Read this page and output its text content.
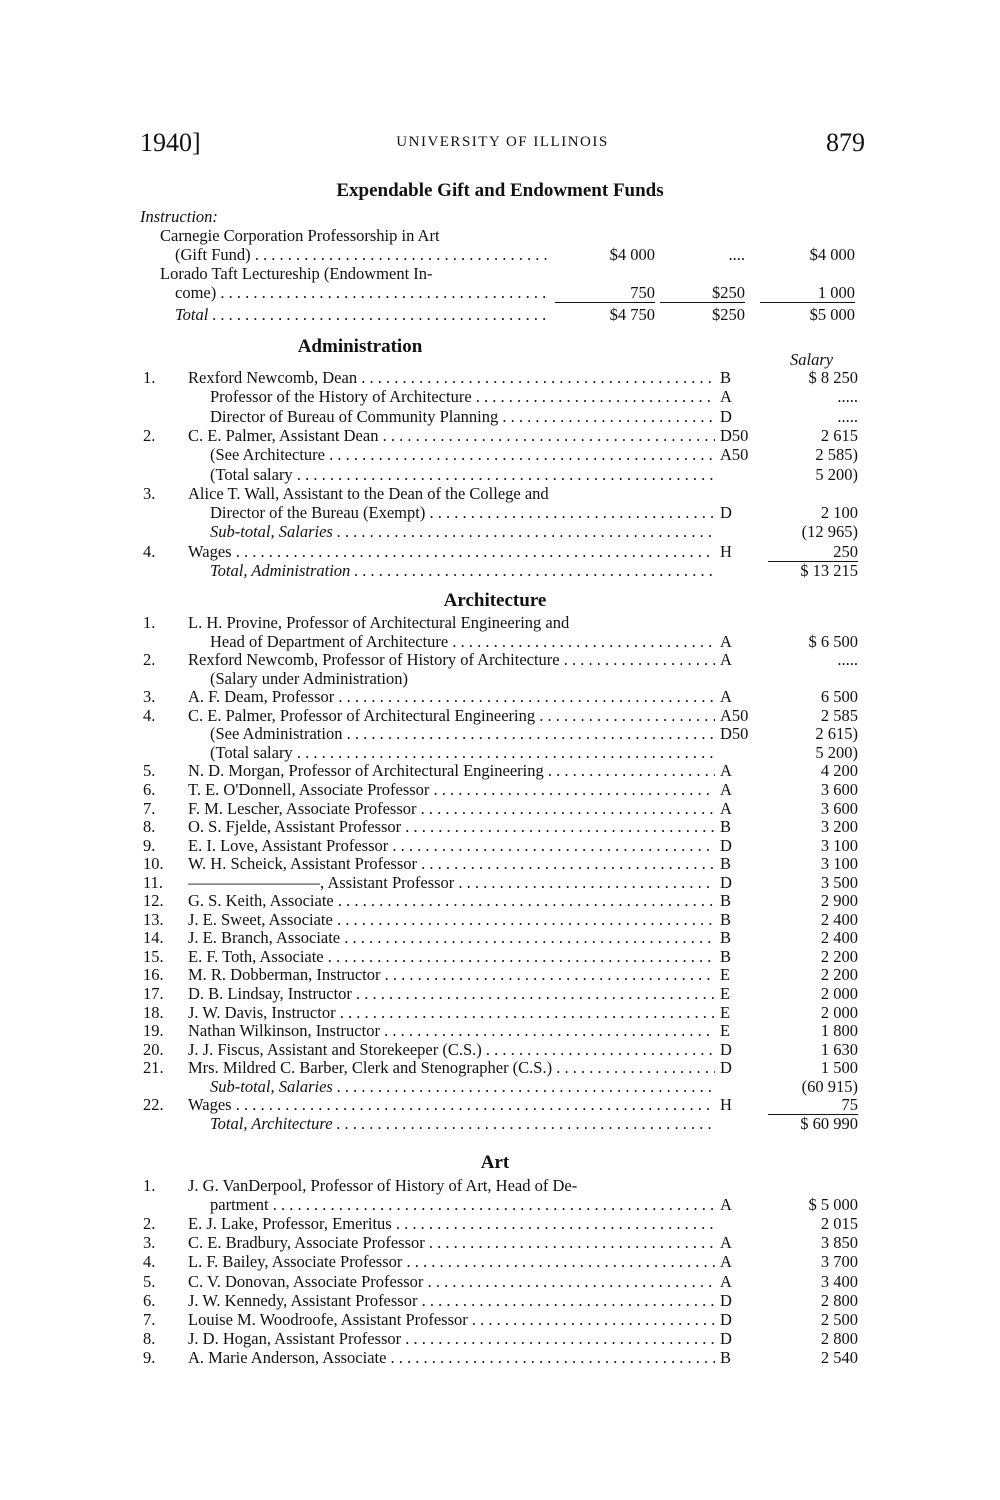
1940]	UNIVERSITY OF ILLINOIS	879
Expendable Gift and Endowment Funds
Instruction:
Carnegie Corporation Professorship in Art
(Gift Fund) . . .	$4 000	....	$4 000
Lorado Taft Lectureship (Endowment In-
come) . . .	750	$250	1 000
Total . . .	$4 750	$250	$5 000
Administration
Salary
1.	Rexford Newcomb, Dean . . .	B	$ 8 250
Professor of the History of Architecture . . .	A	.....
Director of Bureau of Community Planning . . .	D	.....
2.	C. E. Palmer, Assistant Dean . . .	D50	2 615
(See Architecture . . .	A50	2 585)
(Total salary . . .	5 200)
3.	Alice T. Wall, Assistant to the Dean of the College and
Director of the Bureau (Exempt) . . .	D	2 100
Sub-total, Salaries . . .	(12 965)
4.	Wages . . .	H	250
Total, Administration . . .	$ 13 215
Architecture
1.	L. H. Provine, Professor of Architectural Engineering and
Head of Department of Architecture . . .	A	$ 6 500
2.	Rexford Newcomb, Professor of History of Architecture . . .	A	.....
(Salary under Administration)
3.	A. F. Deam, Professor . . .	A	6 500
4.	C. E. Palmer, Professor of Architectural Engineering . . .	A50	2 585
(See Administration . . .	D50	2 615)
(Total salary . . .	5 200)
5.	N. D. Morgan, Professor of Architectural Engineering . . .	A	4 200
6.	T. E. O'Donnell, Associate Professor . . .	A	3 600
7.	F. M. Lescher, Associate Professor . . .	A	3 600
8.	O. S. Fjelde, Assistant Professor . . .	B	3 200
9.	E. I. Love, Assistant Professor . . .	D	3 100
10.	W. H. Scheick, Assistant Professor . . .	B	3 100
11.	————————, Assistant Professor . . .	D	3 500
12.	G. S. Keith, Associate . . .	B	2 900
13.	J. E. Sweet, Associate . . .	B	2 400
14.	J. E. Branch, Associate . . .	B	2 400
15.	E. F. Toth, Associate . . .	B	2 200
16.	M. R. Dobberman, Instructor . . .	E	2 200
17.	D. B. Lindsay, Instructor . . .	E	2 000
18.	J. W. Davis, Instructor . . .	E	2 000
19.	Nathan Wilkinson, Instructor . . .	E	1 800
20.	J. J. Fiscus, Assistant and Storekeeper (C.S.) . . .	D	1 630
21.	Mrs. Mildred C. Barber, Clerk and Stenographer (C.S.) . . .	D	1 500
Sub-total, Salaries . . .	(60 915)
22.	Wages . . .	H	75
Total, Architecture . . .	$ 60 990
Art
1.	J. G. VanDerpool, Professor of History of Art, Head of De-
partment . . .	A	$ 5 000
2.	E. J. Lake, Professor, Emeritus . . .	2 015
3.	C. E. Bradbury, Associate Professor . . .	A	3 850
4.	L. F. Bailey, Associate Professor . . .	A	3 700
5.	C. V. Donovan, Associate Professor . . .	A	3 400
6.	J. W. Kennedy, Assistant Professor . . .	D	2 800
7.	Louise M. Woodroofe, Assistant Professor . . .	D	2 500
8.	J. D. Hogan, Assistant Professor . . .	D	2 800
9.	A. Marie Anderson, Associate . . .	B	2 540
